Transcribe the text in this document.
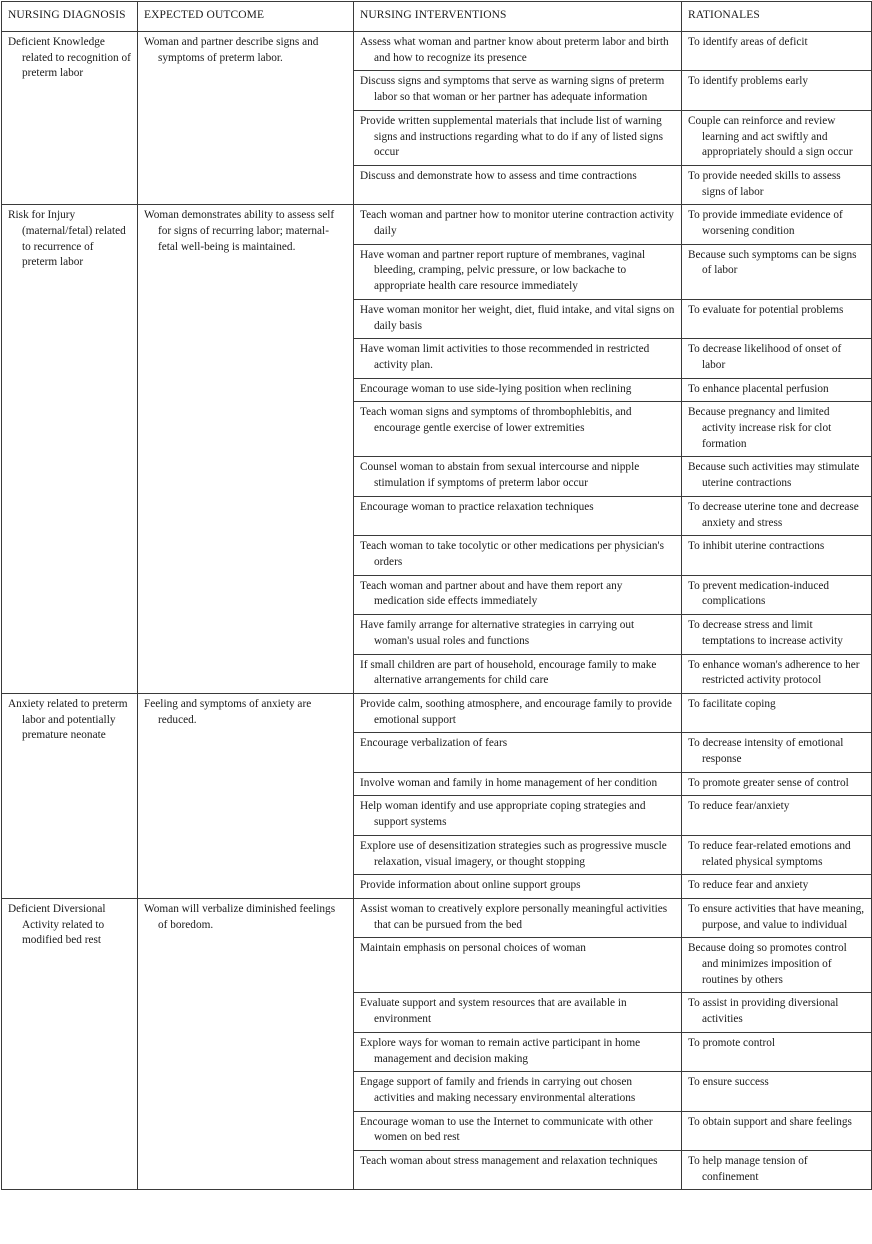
NURSING DIAGNOSIS	EXPECTED OUTCOME	NURSING INTERVENTIONS	RATIONALES

Deficient Knowledge related to recognition of preterm labor	Woman and partner describe signs and symptoms of preterm labor.	Assess what woman and partner know about preterm labor and birth and how to recognize its presence	To identify areas of deficit

		Discuss signs and symptoms that serve as warning signs of preterm labor so that woman or her partner has adequate information	To identify problems early

		Provide written supplemental materials that include list of warning signs and instructions regarding what to do if any of listed signs occur	Couple can reinforce and review learning and act swiftly and appropriately should a sign occur

		Discuss and demonstrate how to assess and time contractions	To provide needed skills to assess signs of labor

Risk for Injury (maternal/fetal) related to recurrence of preterm labor	Woman demonstrates ability to assess self for signs of recurring labor; maternal-fetal well-being is maintained.	Teach woman and partner how to monitor uterine contraction activity daily	To provide immediate evidence of worsening condition

		Have woman and partner report rupture of membranes, vaginal bleeding, cramping, pelvic pressure, or low backache to appropriate health care resource immediately	Because such symptoms can be signs of labor

		Have woman monitor her weight, diet, fluid intake, and vital signs on daily basis	To evaluate for potential problems

		Have woman limit activities to those recommended in restricted activity plan.	To decrease likelihood of onset of labor

		Encourage woman to use side-lying position when reclining	To enhance placental perfusion

		Teach woman signs and symptoms of thrombophlebitis, and encourage gentle exercise of lower extremities	Because pregnancy and limited activity increase risk for clot formation

		Counsel woman to abstain from sexual intercourse and nipple stimulation if symptoms of preterm labor occur	Because such activities may stimulate uterine contractions

		Encourage woman to practice relaxation techniques	To decrease uterine tone and decrease anxiety and stress

		Teach woman to take tocolytic or other medications per physician's orders	To inhibit uterine contractions

		Teach woman and partner about and have them report any medication side effects immediately	To prevent medication-induced complications

		Have family arrange for alternative strategies in carrying out woman's usual roles and functions	To decrease stress and limit temptations to increase activity

		If small children are part of household, encourage family to make alternative arrangements for child care	To enhance woman's adherence to her restricted activity protocol

Anxiety related to preterm labor and potentially premature neonate	Feeling and symptoms of anxiety are reduced.	Provide calm, soothing atmosphere, and encourage family to provide emotional support	To facilitate coping

		Encourage verbalization of fears	To decrease intensity of emotional response

		Involve woman and family in home management of her condition	To promote greater sense of control

		Help woman identify and use appropriate coping strategies and support systems	To reduce fear/anxiety

		Explore use of desensitization strategies such as progressive muscle relaxation, visual imagery, or thought stopping	To reduce fear-related emotions and related physical symptoms

		Provide information about online support groups	To reduce fear and anxiety

Deficient Diversional Activity related to modified bed rest	Woman will verbalize diminished feelings of boredom.	Assist woman to creatively explore personally meaningful activities that can be pursued from the bed	To ensure activities that have meaning, purpose, and value to individual

		Maintain emphasis on personal choices of woman	Because doing so promotes control and minimizes imposition of routines by others

		Evaluate support and system resources that are available in environment	To assist in providing diversional activities

		Explore ways for woman to remain active participant in home management and decision making	To promote control

		Engage support of family and friends in carrying out chosen activities and making necessary environmental alterations	To ensure success

		Encourage woman to use the Internet to communicate with other women on bed rest	To obtain support and share feelings

		Teach woman about stress management and relaxation techniques	To help manage tension of confinement
